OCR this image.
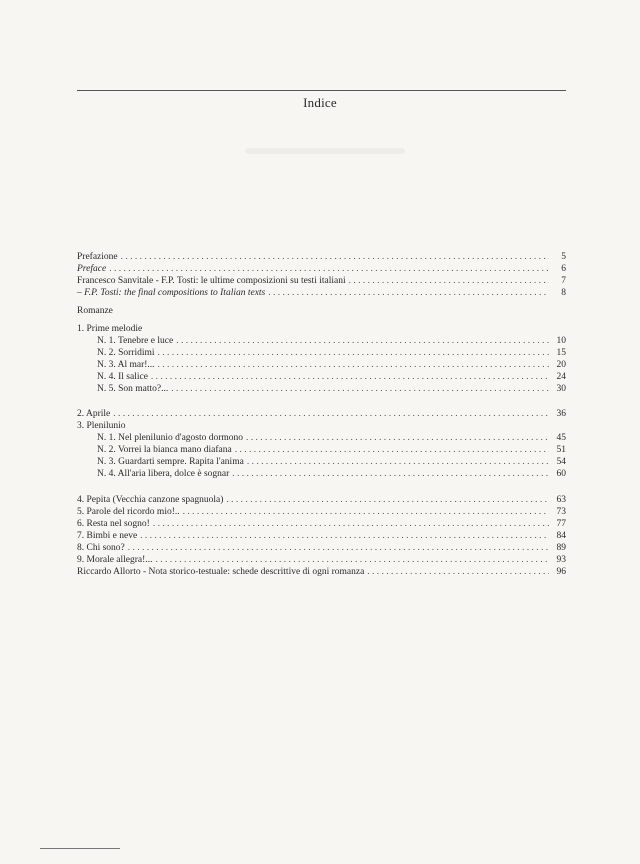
Indice
Prefazione . . .	5
Preface . . .	6
Francesco Sanvitale - F.P. Tosti: le ultime composizioni su testi italiani . . .	7
– F.P. Tosti: the final compositions to Italian texts . . .	8
Romanze
1. Prime melodie
N. 1. Tenebre e luce . . .	10
N. 2. Sorridimi . . .	15
N. 3. Al mar!... . . .	20
N. 4. Il salice . . .	24
N. 5. Son matto?... . . .	30
2. Aprile . . .	36
3. Plenilunio
N. 1. Nel plenilunio d'agosto dormono . . .	45
N. 2. Vorrei la bianca mano diafana . . .	51
N. 3. Guardarti sempre. Rapita l'anima . . .	54
N. 4. All'aria libera, dolce è sognar . . .	60
4. Pepita (Vecchia canzone spagnuola) . . .	63
5. Parole del ricordo mio!.. . . .	73
6. Resta nel sogno! . . .	77
7. Bimbi e neve . . .	84
8. Chi sono? . . .	89
9. Morale allegra!... . . .	93
Riccardo Allorto - Nota storico-testuale: schede descrittive di ogni romanza . . .	96
